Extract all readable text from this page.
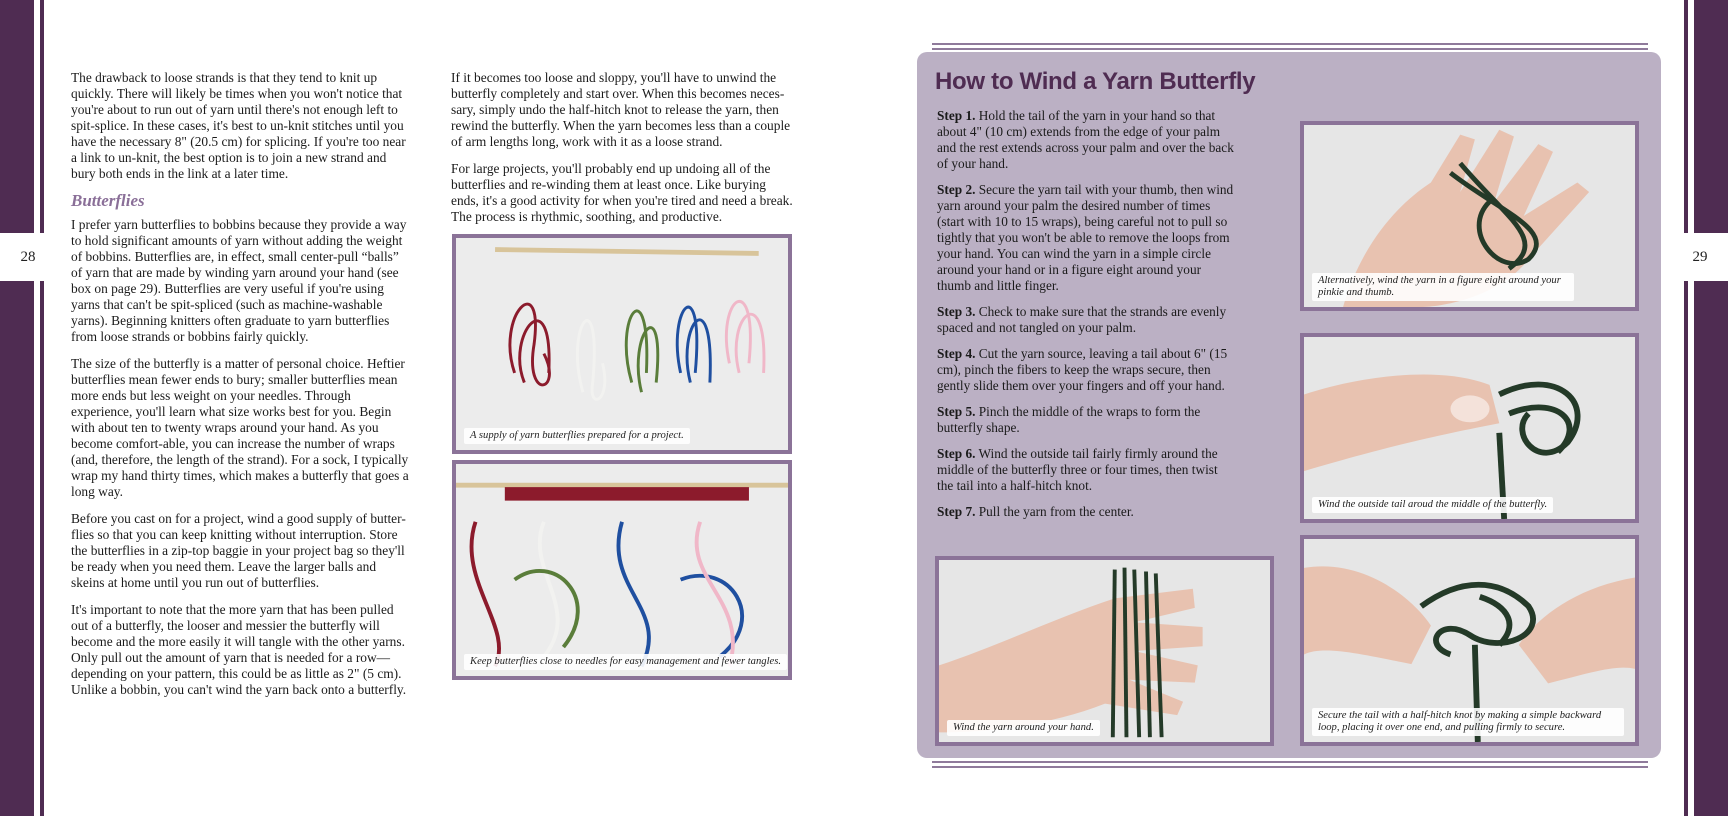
28	29

The drawback to loose strands is that they tend to knit up quickly. There will likely be times when you won't notice that you're about to run out of yarn until there's not enough left to spit-splice. In these cases, it's best to un-knit stitches until you have the necessary 8" (20.5 cm) for splicing. If you're too near a link to un-knit, the best option is to join a new strand and bury both ends in the link at a later time.

Butterflies

I prefer yarn butterflies to bobbins because they provide a way to hold significant amounts of yarn without adding the weight of bobbins. Butterflies are, in effect, small center-pull “balls” of yarn that are made by winding yarn around your hand (see box on page 29). Butterflies are very useful if you're using yarns that can't be spit-spliced (such as machine-washable yarns). Beginning knitters often graduate to yarn butterflies from loose strands or bobbins fairly quickly.

The size of the butterfly is a matter of personal choice. Heftier butterflies mean fewer ends to bury; smaller butterflies mean more ends but less weight on your needles. Through experience, you'll learn what size works best for you. Begin with about ten to twenty wraps around your hand. As you become comfort-able, you can increase the number of wraps (and, therefore, the length of the strand). For a sock, I typically wrap my hand thirty times, which makes a butterfly that goes a long way.

Before you cast on for a project, wind a good supply of butter-flies so that you can keep knitting without interruption. Store the butterflies in a zip-top baggie in your project bag so they'll be ready when you need them. Leave the larger balls and skeins at home until you run out of butterflies.

It's important to note that the more yarn that has been pulled out of a butterfly, the looser and messier the butterfly will become and the more easily it will tangle with the other yarns. Only pull out the amount of yarn that is needed for a row—depending on your pattern, this could be as little as 2" (5 cm). Unlike a bobbin, you can't wind the yarn back onto a butterfly.

If it becomes too loose and sloppy, you'll have to unwind the butterfly completely and start over. When this becomes neces-sary, simply undo the half-hitch knot to release the yarn, then rewind the butterfly. When the yarn becomes less than a couple of arm lengths long, work with it as a loose strand.

For large projects, you'll probably end up undoing all of the butterflies and re-winding them at least once. Like burying ends, it's a good activity for when you're tired and need a break. The process is rhythmic, soothing, and productive.

A supply of yarn butterflies prepared for a project.
Keep butterflies close to needles for easy management and fewer tangles.
How to Wind a Yarn Butterfly

Step 1. Hold the tail of the yarn in your hand so that about 4" (10 cm) extends from the edge of your palm and the rest extends across your palm and over the back of your hand.

Step 2. Secure the yarn tail with your thumb, then wind yarn around your palm the desired number of times (start with 10 to 15 wraps), being careful not to pull so tightly that you won't be able to remove the loops from your hand. You can wind the yarn in a simple circle around your hand or in a figure eight around your thumb and little finger.

Step 3. Check to make sure that the strands are evenly spaced and not tangled on your palm.

Step 4. Cut the yarn source, leaving a tail about 6" (15 cm), pinch the fibers to keep the wraps secure, then gently slide them over your fingers and off your hand.

Step 5. Pinch the middle of the wraps to form the butterfly shape.

Step 6. Wind the outside tail fairly firmly around the middle of the butterfly three or four times, then twist the tail into a half-hitch knot.

Step 7. Pull the yarn from the center.

Alternatively, wind the yarn in a figure eight around your pinkie and thumb.
Wind the outside tail aroud the middle of the butterfly.
Wind the yarn around your hand.
Secure the tail with a half-hitch knot by making a simple backward loop, placing it over one end, and pulling firmly to secure.
